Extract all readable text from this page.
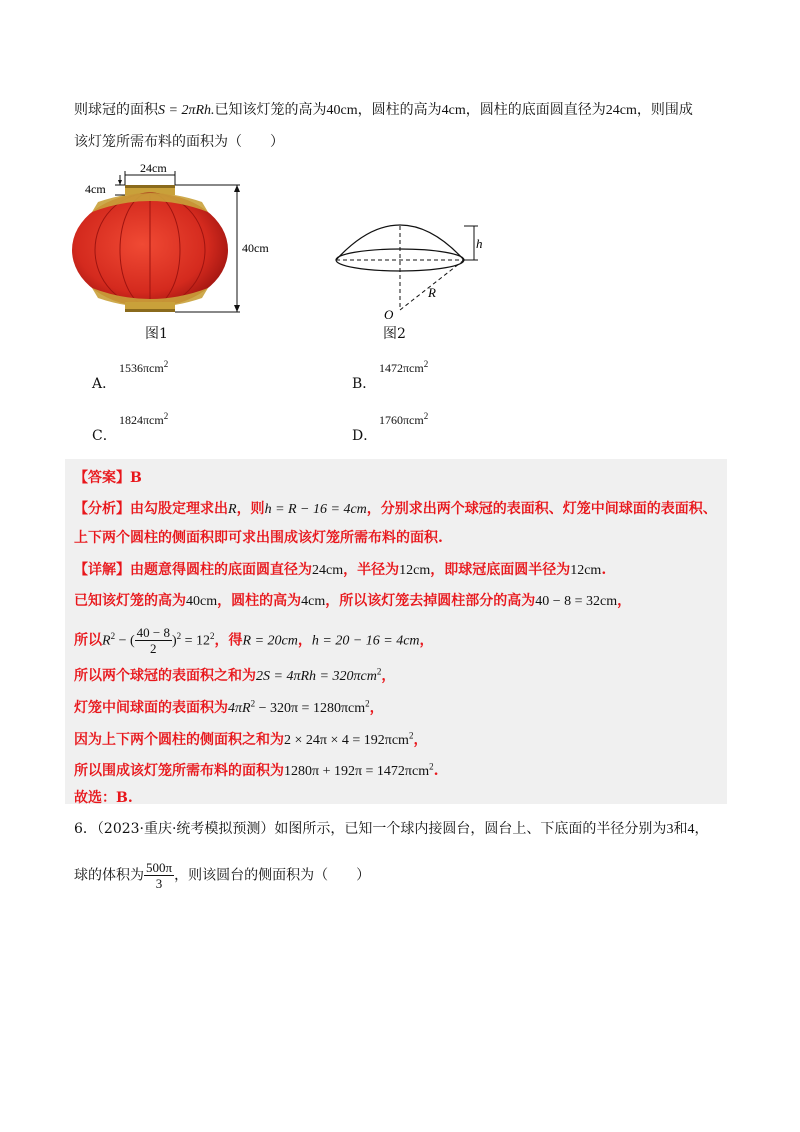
则球冠的面积S = 2πRh.已知该灯笼的高为40cm，圆柱的高为4cm，圆柱的底面圆直径为24cm，则围成
该灯笼所需布料的面积为（　　）
24cm
4cm
40cm
图1
h
R
O
图2
A．
1536πcm$^2$
B．
1472πcm$^2$
C．
1824πcm$^2$
D．
1760πcm$^2$
【答案】B
【分析】由勾股定理求出R，则h = R − 16 = 4cm，分别求出两个球冠的表面积、灯笼中间球面的表面积、
上下两个圆柱的侧面积即可求出围成该灯笼所需布料的面积.
【详解】由题意得圆柱的底面圆直径为24cm，半径为12cm，即球冠底面圆半径为12cm.
已知该灯笼的高为40cm，圆柱的高为4cm，所以该灯笼去掉圆柱部分的高为40 − 8 = 32cm，
所以$R^2$ − ( $\frac{40 - 8}{2} )^2 = 12^2$，得R = 20cm，h = 20 − 16 = 4cm，
所以两个球冠的表面积之和为2S = 4πRh = 320πcm$^2$，
灯笼中间球面的表面积为$4\pi R^2 - 320\pi = 1280\pi cm^2$，
因为上下两个圆柱的侧面积之和为2 × 24π × 4 = 192πcm$^2$，
所以围成该灯笼所需布料的面积为1280π + 192π = 1472πcm$^2$.
故选：B.
6．（2023·重庆·统考模拟预测）如图所示，已知一个球内接圆台，圆台上、下底面的半径分别为3和4，
球的体积为 $\frac{500\pi}{3}$ ，则该圆台的侧面积为（　　）
